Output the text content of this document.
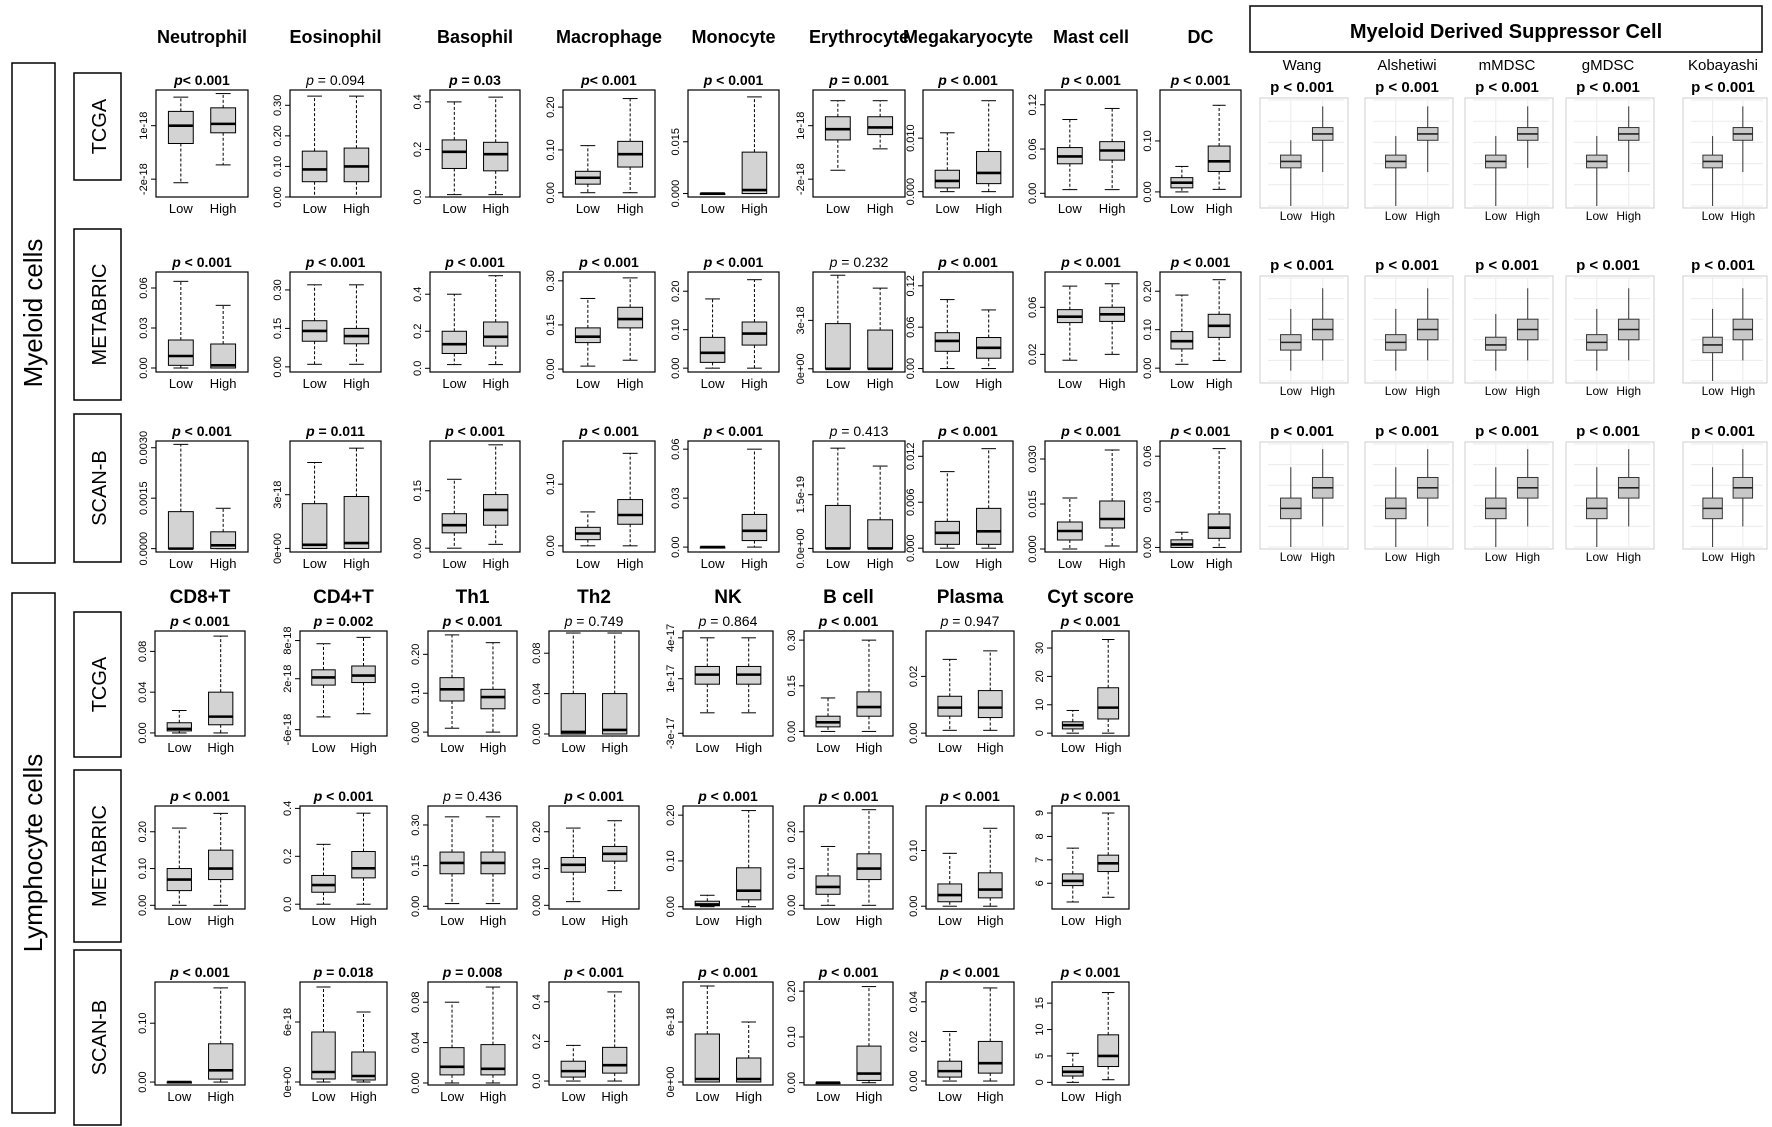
Myeloid cells
Lymphocyte cells
TCGA
METABRIC
SCAN-B
TCGA
METABRIC
SCAN-B
Neutrophil Eosinophil	Basophil Macrophage Monocyte Erythrocyte
Megakaryocyte Mast cell	DC
-2e-18
1e-18
Low High
p< 0.001
0.00
0.10
0.20
0.30
Low High
p = 0.094
0.0
0.2
0.4
Low High
p = 0.03
0.00
0.10
0.20
Low High
p< 0.001
0.000
0.015
Low High
p < 0.001
-2e-18
1e-18
Low High
p = 0.001
0.000
0.010
Low High
p < 0.001
0.00
0.06
0.12
Low High
p < 0.001
0.00
0.10
Low High
p < 0.001
0.00
0.03
0.06
Low High
p < 0.001
0.00
0.15
0.30
Low High
p < 0.001
0.0
0.2
0.4
Low High
p < 0.001
0.00
0.15
0.30
Low High
p < 0.001
0.00
0.10
0.20
Low High
p < 0.001
0e+00
3e-18
Low High
p = 0.232
0.00
0.06
0.12
Low High
p < 0.001
0.02
0.06
Low High
p < 0.001
0.00
0.10
0.20
Low High
p < 0.001
0.0000
0.0015
0.0030
Low High
p < 0.001
0e+00
3e-18
Low High
p = 0.011
0.00
0.15
Low High
p < 0.001
0.00
0.10
Low High
p < 0.001
0.00
0.03
0.06
Low High
p < 0.001
0.0e+00
1.5e-19
Low High
p = 0.413
0.000
0.006
0.012
Low High
p < 0.001
0.000
0.015
0.030
Low High
p < 0.001
0.00
0.03
0.06
Low High
p < 0.001
Myeloid Derived Suppressor Cell
Wang	Alshetiwi	mMDSC	gMDSC	Kobayashi
Low High
p < 0.001
Low High
p < 0.001
Low High
p < 0.001
Low High
p < 0.001
Low High
p < 0.001
Low High
p < 0.001
Low High
p < 0.001
Low High
p < 0.001
Low High
p < 0.001
Low High
p < 0.001
Low High
p < 0.001
Low High
p < 0.001
Low High
p < 0.001
Low High
p < 0.001
Low High
p < 0.001
CD8+T	CD4+T	Th1	Th2	NK	B cell	Plasma Cyt score
0.00
0.04
0.08
Low High
p < 0.001
-6e-18
2e-18
8e-18
Low High
p = 0.002
0.00
0.10
0.20
Low High
p < 0.001
0.00
0.04
0.08
Low High
p = 0.749
-3e-17
1e-17
4e-17
Low High
p = 0.864
0.00
0.15
0.30
Low High
p < 0.001
0.00
0.02
Low High
p = 0.947
0
10
20
30
Low High
p < 0.001
0.00
0.10
0.20
Low High
p < 0.001
0.0
0.2
0.4
Low High
p < 0.001
0.00
0.15
0.30
Low High
p = 0.436
0.00
0.10
0.20
Low High
p < 0.001
0.00
0.10
0.20
Low High
p < 0.001
0.00
0.10
0.20
Low High
p < 0.001
0.00
0.10
Low High
p < 0.001
6
7
8
9
Low High
p < 0.001
0.00
0.10
Low High
p < 0.001
0e+00
6e-18
Low High
p = 0.018
0.00
0.04
0.08
Low High
p = 0.008
0.0
0.2
0.4
Low High
p < 0.001
0e+00
6e-18
Low High
p < 0.001
0.00
0.10
0.20
Low High
p < 0.001
0.00
0.02
0.04
Low High
p < 0.001
0
5
10
15
Low High
p < 0.001
